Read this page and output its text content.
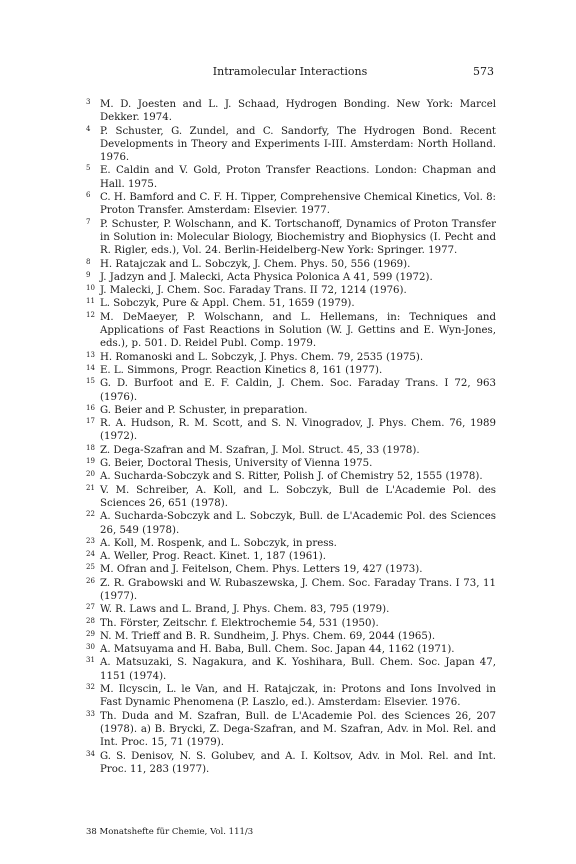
Intramolecular Interactions	573
3 M. D. Joesten and L. J. Schaad, Hydrogen Bonding. New York: Marcel Dekker. 1974.
4 P. Schuster, G. Zundel, and C. Sandorfy, The Hydrogen Bond. Recent Developments in Theory and Experiments I-III. Amsterdam: North Holland. 1976.
5 E. Caldin and V. Gold, Proton Transfer Reactions. London: Chapman and Hall. 1975.
6 C. H. Bamford and C. F. H. Tipper, Comprehensive Chemical Kinetics, Vol. 8: Proton Transfer. Amsterdam: Elsevier. 1977.
7 P. Schuster, P. Wolschann, and K. Tortschanoff, Dynamics of Proton Transfer in Solution in: Molecular Biology, Biochemistry and Biophysics (I. Pecht and R. Rigler, eds.), Vol. 24. Berlin-Heidelberg-New York: Springer. 1977.
8 H. Ratajczak and L. Sobczyk, J. Chem. Phys. 50, 556 (1969).
9 J. Jadzyn and J. Malecki, Acta Physica Polonica A 41, 599 (1972).
10 J. Malecki, J. Chem. Soc. Faraday Trans. II 72, 1214 (1976).
11 L. Sobczyk, Pure & Appl. Chem. 51, 1659 (1979).
12 M. DeMaeyer, P. Wolschann, and L. Hellemans, in: Techniques and Applications of Fast Reactions in Solution (W. J. Gettins and E. Wyn-Jones, eds.), p. 501. D. Reidel Publ. Comp. 1979.
13 H. Romanoski and L. Sobczyk, J. Phys. Chem. 79, 2535 (1975).
14 E. L. Simmons, Progr. Reaction Kinetics 8, 161 (1977).
15 G. D. Burfoot and E. F. Caldin, J. Chem. Soc. Faraday Trans. I 72, 963 (1976).
16 G. Beier and P. Schuster, in preparation.
17 R. A. Hudson, R. M. Scott, and S. N. Vinogradov, J. Phys. Chem. 76, 1989 (1972).
18 Z. Dega-Szafran and M. Szafran, J. Mol. Struct. 45, 33 (1978).
19 G. Beier, Doctoral Thesis, University of Vienna 1975.
20 A. Sucharda-Sobczyk and S. Ritter, Polish J. of Chemistry 52, 1555 (1978).
21 V. M. Schreiber, A. Koll, and L. Sobczyk, Bull de L'Academie Pol. des Sciences 26, 651 (1978).
22 A. Sucharda-Sobczyk and L. Sobczyk, Bull. de L'Academic Pol. des Sciences 26, 549 (1978).
23 A. Koll, M. Rospenk, and L. Sobczyk, in press.
24 A. Weller, Prog. React. Kinet. 1, 187 (1961).
25 M. Ofran and J. Feitelson, Chem. Phys. Letters 19, 427 (1973).
26 Z. R. Grabowski and W. Rubaszewska, J. Chem. Soc. Faraday Trans. I 73, 11 (1977).
27 W. R. Laws and L. Brand, J. Phys. Chem. 83, 795 (1979).
28 Th. Förster, Zeitschr. f. Elektrochemie 54, 531 (1950).
29 N. M. Trieff and B. R. Sundheim, J. Phys. Chem. 69, 2044 (1965).
30 A. Matsuyama and H. Baba, Bull. Chem. Soc. Japan 44, 1162 (1971).
31 A. Matsuzaki, S. Nagakura, and K. Yoshihara, Bull. Chem. Soc. Japan 47, 1151 (1974).
32 M. Ilcyscin, L. le Van, and H. Ratajczak, in: Protons and Ions Involved in Fast Dynamic Phenomena (P. Laszlo, ed.). Amsterdam: Elsevier. 1976.
33 Th. Duda and M. Szafran, Bull. de L'Academie Pol. des Sciences 26, 207 (1978). a) B. Brycki, Z. Dega-Szafran, and M. Szafran, Adv. in Mol. Rel. and Int. Proc. 15, 71 (1979).
34 G. S. Denisov, N. S. Golubev, and A. I. Koltsov, Adv. in Mol. Rel. and Int. Proc. 11, 283 (1977).
38 Monatshefte für Chemie, Vol. 111/3
